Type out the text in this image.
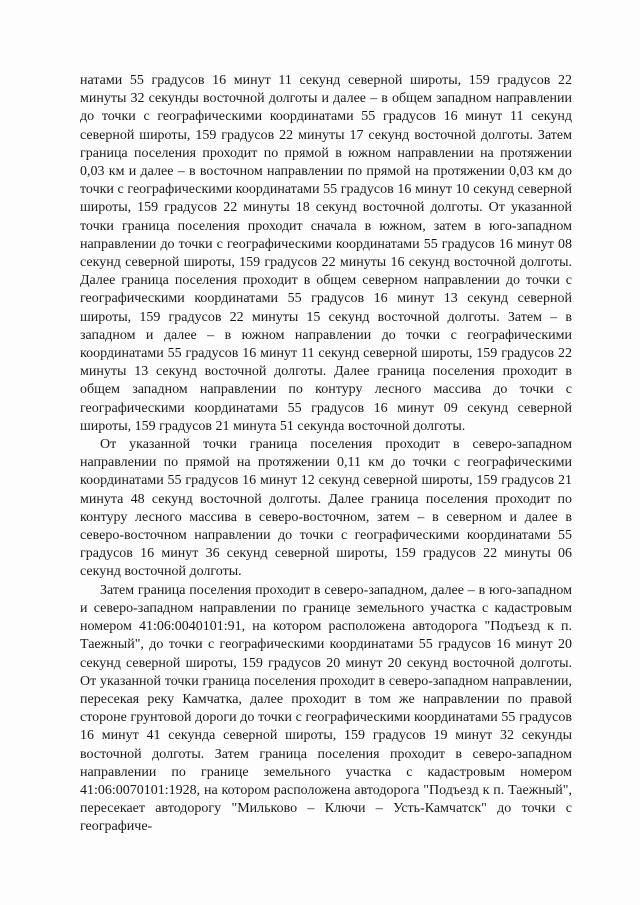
натами 55 градусов 16 минут 11 секунд северной широты, 159 градусов 22 минуты 32 секунды восточной долготы и далее – в общем западном направлении до точки с географическими координатами 55 градусов 16 минут 11 секунд северной широты, 159 градусов 22 минуты 17 секунд восточной долготы. Затем граница поселения проходит по прямой в южном направлении на протяжении 0,03 км и далее – в восточном направлении по прямой на протяжении 0,03 км до точки с географическими координатами 55 градусов 16 минут 10 секунд северной широты, 159 градусов 22 минуты 18 секунд восточной долготы. От указанной точки граница поселения проходит сначала в южном, затем в юго-западном направлении до точки с географическими координатами 55 градусов 16 минут 08 секунд северной широты, 159 градусов 22 минуты 16 секунд восточной долготы. Далее граница поселения проходит в общем северном направлении до точки с географическими координатами 55 градусов 16 минут 13 секунд северной широты, 159 градусов 22 минуты 15 секунд восточной долготы. Затем – в западном и далее – в южном направлении до точки с географическими координатами 55 градусов 16 минут 11 секунд северной широты, 159 градусов 22 минуты 13 секунд восточной долготы. Далее граница поселения проходит в общем западном направлении по контуру лесного массива до точки с географическими координатами 55 градусов 16 минут 09 секунд северной широты, 159 градусов 21 минута 51 секунда восточной долготы.

От указанной точки граница поселения проходит в северо-западном направлении по прямой на протяжении 0,11 км до точки с географическими координатами 55 градусов 16 минут 12 секунд северной широты, 159 градусов 21 минута 48 секунд восточной долготы. Далее граница поселения проходит по контуру лесного массива в северо-восточном, затем – в северном и далее в северо-восточном направлении до точки с географическими координатами 55 градусов 16 минут 36 секунд северной широты, 159 градусов 22 минуты 06 секунд восточной долготы.

Затем граница поселения проходит в северо-западном, далее – в юго-западном и северо-западном направлении по границе земельного участка с кадастровым номером 41:06:0040101:91, на котором расположена автодорога "Подъезд к п. Таежный", до точки с географическими координатами 55 градусов 16 минут 20 секунд северной широты, 159 градусов 20 минут 20 секунд восточной долготы. От указанной точки граница поселения проходит в северо-западном направлении, пересекая реку Камчатка, далее проходит в том же направлении по правой стороне грунтовой дороги до точки с географическими координатами 55 градусов 16 минут 41 секунда северной широты, 159 градусов 19 минут 32 секунды восточной долготы. Затем граница поселения проходит в северо-западном направлении по границе земельного участка с кадастровым номером 41:06:0070101:1928, на котором расположена автодорога "Подъезд к п. Таежный", пересекает автодорогу "Мильково – Ключи – Усть-Камчатск" до точки с географиче-
